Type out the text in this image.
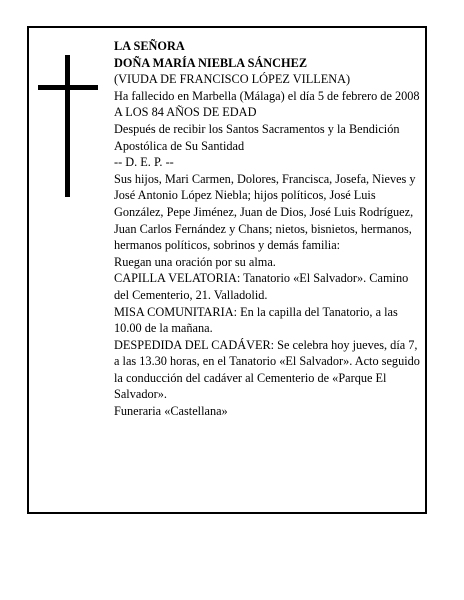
LA SEÑORA

DOÑA MARÍA NIEBLA SÁNCHEZ

(VIUDA DE FRANCISCO LÓPEZ VILLENA)

Ha fallecido en Marbella (Málaga) el día 5 de febrero de 2008

A LOS 84 AÑOS DE EDAD

Después de recibir los Santos Sacramentos y la Bendición Apostólica de Su Santidad

-- D. E. P. --

Sus hijos, Mari Carmen, Dolores, Francisca, Josefa, Nieves y José Antonio López Niebla; hijos políticos, José Luis González, Pepe Jiménez, Juan de Dios, José Luis Rodríguez, Juan Carlos Fernández y Chans; nietos, bisnietos, hermanos, hermanos políticos, sobrinos y demás familia:

Ruegan una oración por su alma.

CAPILLA VELATORIA: Tanatorio «El Salvador». Camino del Cementerio, 21. Valladolid.

MISA COMUNITARIA: En la capilla del Tanatorio, a las 10.00 de la mañana.

DESPEDIDA DEL CADÁVER: Se celebra hoy jueves, día 7, a las 13.30 horas, en el Tanatorio «El Salvador». Acto seguido la conducción del cadáver al Cementerio de «Parque El Salvador».

Funeraria «Castellana»
